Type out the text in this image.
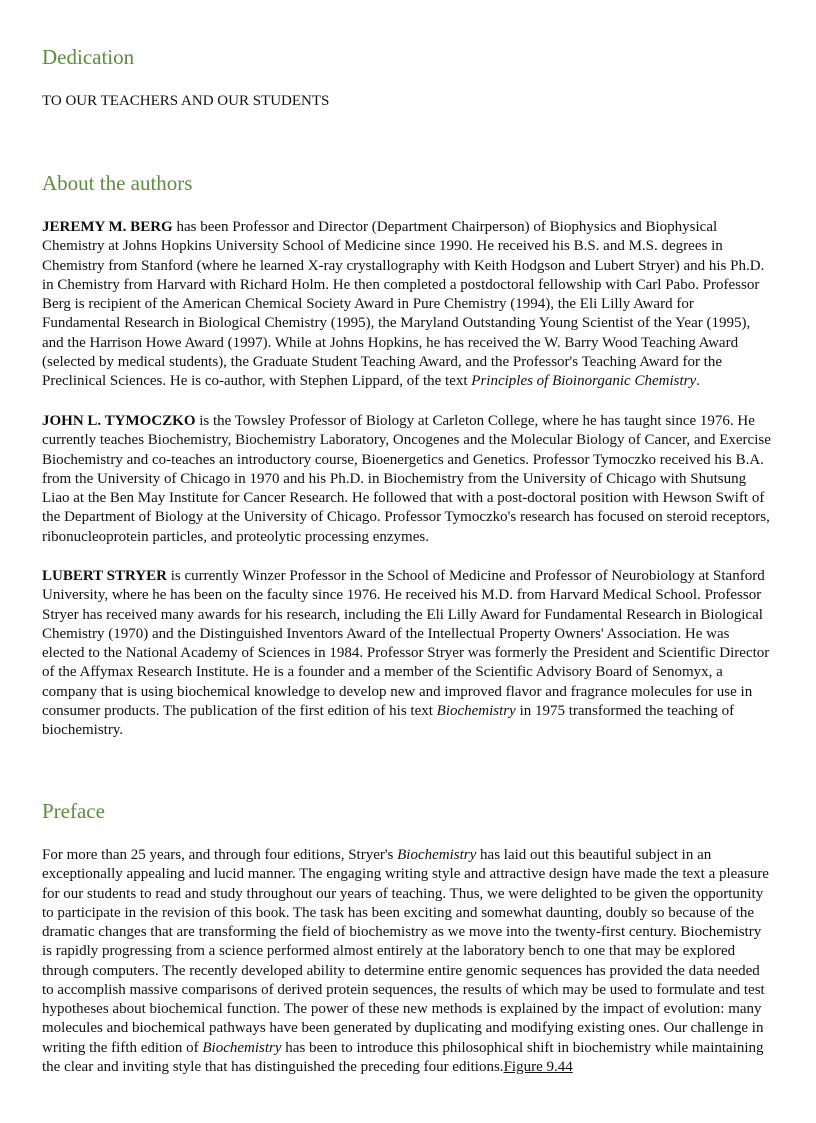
Dedication

TO OUR TEACHERS AND OUR STUDENTS

About the authors

JEREMY M. BERG has been Professor and Director (Department Chairperson) of Biophysics and Biophysical Chemistry at Johns Hopkins University School of Medicine since 1990. He received his B.S. and M.S. degrees in Chemistry from Stanford (where he learned X-ray crystallography with Keith Hodgson and Lubert Stryer) and his Ph.D. in Chemistry from Harvard with Richard Holm. He then completed a postdoctoral fellowship with Carl Pabo. Professor Berg is recipient of the American Chemical Society Award in Pure Chemistry (1994), the Eli Lilly Award for Fundamental Research in Biological Chemistry (1995), the Maryland Outstanding Young Scientist of the Year (1995), and the Harrison Howe Award (1997). While at Johns Hopkins, he has received the W. Barry Wood Teaching Award (selected by medical students), the Graduate Student Teaching Award, and the Professor's Teaching Award for the Preclinical Sciences. He is co-author, with Stephen Lippard, of the text Principles of Bioinorganic Chemistry.

JOHN L. TYMOCZKO is the Towsley Professor of Biology at Carleton College, where he has taught since 1976. He currently teaches Biochemistry, Biochemistry Laboratory, Oncogenes and the Molecular Biology of Cancer, and Exercise Biochemistry and co-teaches an introductory course, Bioenergetics and Genetics. Professor Tymoczko received his B.A. from the University of Chicago in 1970 and his Ph.D. in Biochemistry from the University of Chicago with Shutsung Liao at the Ben May Institute for Cancer Research. He followed that with a post-doctoral position with Hewson Swift of the Department of Biology at the University of Chicago. Professor Tymoczko's research has focused on steroid receptors, ribonucleoprotein particles, and proteolytic processing enzymes.

LUBERT STRYER is currently Winzer Professor in the School of Medicine and Professor of Neurobiology at Stanford University, where he has been on the faculty since 1976. He received his M.D. from Harvard Medical School. Professor Stryer has received many awards for his research, including the Eli Lilly Award for Fundamental Research in Biological Chemistry (1970) and the Distinguished Inventors Award of the Intellectual Property Owners' Association. He was elected to the National Academy of Sciences in 1984. Professor Stryer was formerly the President and Scientific Director of the Affymax Research Institute. He is a founder and a member of the Scientific Advisory Board of Senomyx, a company that is using biochemical knowledge to develop new and improved flavor and fragrance molecules for use in consumer products. The publication of the first edition of his text Biochemistry in 1975 transformed the teaching of biochemistry.

Preface

For more than 25 years, and through four editions, Stryer's Biochemistry has laid out this beautiful subject in an exceptionally appealing and lucid manner. The engaging writing style and attractive design have made the text a pleasure for our students to read and study throughout our years of teaching. Thus, we were delighted to be given the opportunity to participate in the revision of this book. The task has been exciting and somewhat daunting, doubly so because of the dramatic changes that are transforming the field of biochemistry as we move into the twenty-first century. Biochemistry is rapidly progressing from a science performed almost entirely at the laboratory bench to one that may be explored through computers. The recently developed ability to determine entire genomic sequences has provided the data needed to accomplish massive comparisons of derived protein sequences, the results of which may be used to formulate and test hypotheses about biochemical function. The power of these new methods is explained by the impact of evolution: many molecules and biochemical pathways have been generated by duplicating and modifying existing ones. Our challenge in writing the fifth edition of Biochemistry has been to introduce this philosophical shift in biochemistry while maintaining the clear and inviting style that has distinguished the preceding four editions.Figure 9.44
